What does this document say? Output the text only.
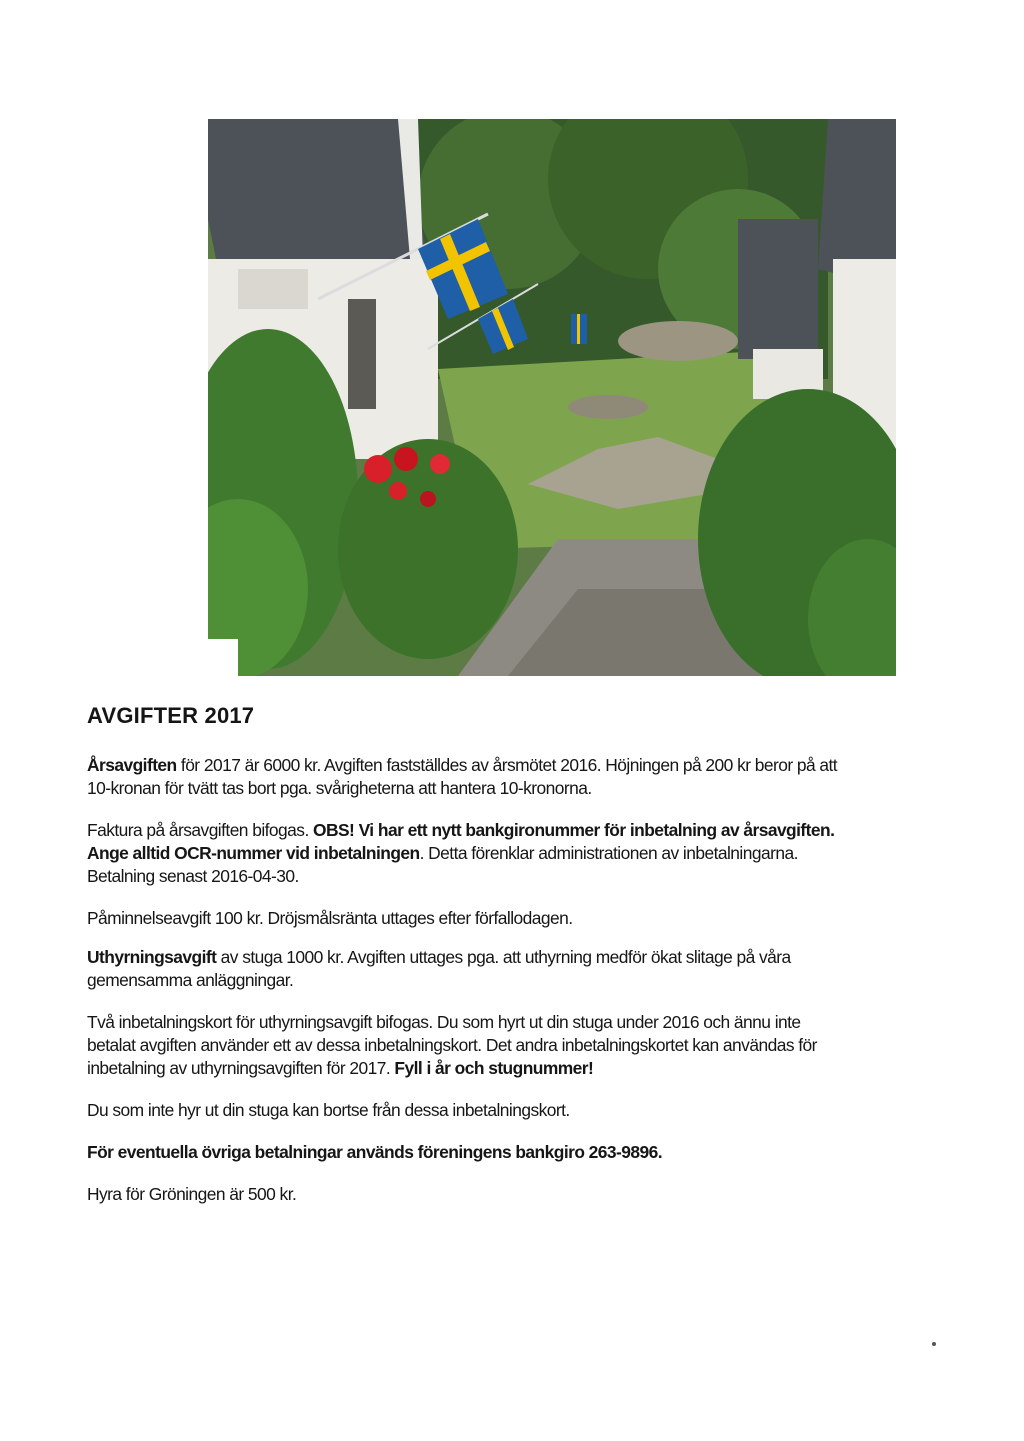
AVGIFTER 2017

Årsavgiften för 2017 är 6000 kr. Avgiften fastställdes av årsmötet 2016. Höjningen på 200 kr beror på att
10-kronan för tvätt tas bort pga. svårigheterna att hantera 10-kronorna.

Faktura på årsavgiften bifogas. OBS! Vi har ett nytt bankgironummer för inbetalning av årsavgiften.
Ange alltid OCR-nummer vid inbetalningen. Detta förenklar administrationen av inbetalningarna.
Betalning senast 2016-04-30.

Påminnelseavgift 100 kr. Dröjsmålsränta uttages efter förfallodagen.

Uthyrningsavgift av stuga 1000 kr. Avgiften uttages pga. att uthyrning medför ökat slitage på våra
gemensamma anläggningar.

Två inbetalningskort för uthyrningsavgift bifogas. Du som hyrt ut din stuga under 2016 och ännu inte
betalat avgiften använder ett av dessa inbetalningskort. Det andra inbetalningskortet kan användas för
inbetalning av uthyrningsavgiften för 2017. Fyll i år och stugnummer!

Du som inte hyr ut din stuga kan bortse från dessa inbetalningskort.

För eventuella övriga betalningar används föreningens bankgiro 263-9896.

Hyra för Gröningen är 500 kr.
